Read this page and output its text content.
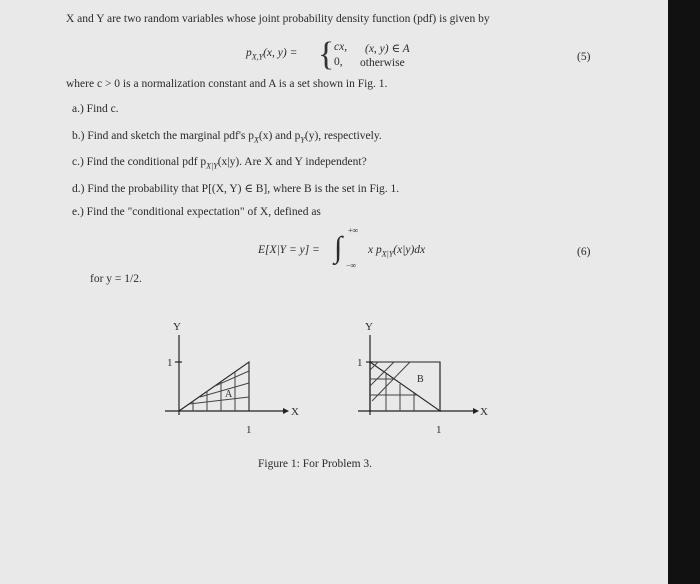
X and Y are two random variables whose joint probability density function (pdf) is given by
$p_{X,Y}(x$, y) = { cx, (x, y) ∈ A
0, otherwise	(5)
where c > 0 is a normalization constant and A is a set shown in Fig. 1.
a.) Find c.
b.) Find and sketch the marginal pdf's $p_X(x)$ and $p_Y(y)$, respectively.
c.) Find the conditional pdf $p_{X|Y}(x|y)$. Are X and Y independent?
d.) Find the probability that P[(X, Y) ∈ B], where B is the set in Fig. 1.
e.) Find the "conditional expectation" of X, defined as
E[X|Y = y] = ∫
+∞
−∞
x $p_{X|Y}(x|y)dx$	(6)
for y = 1/2.
Y
1
A
X
1
Y
1
B
X
1
Figure 1: For Problem 3.
